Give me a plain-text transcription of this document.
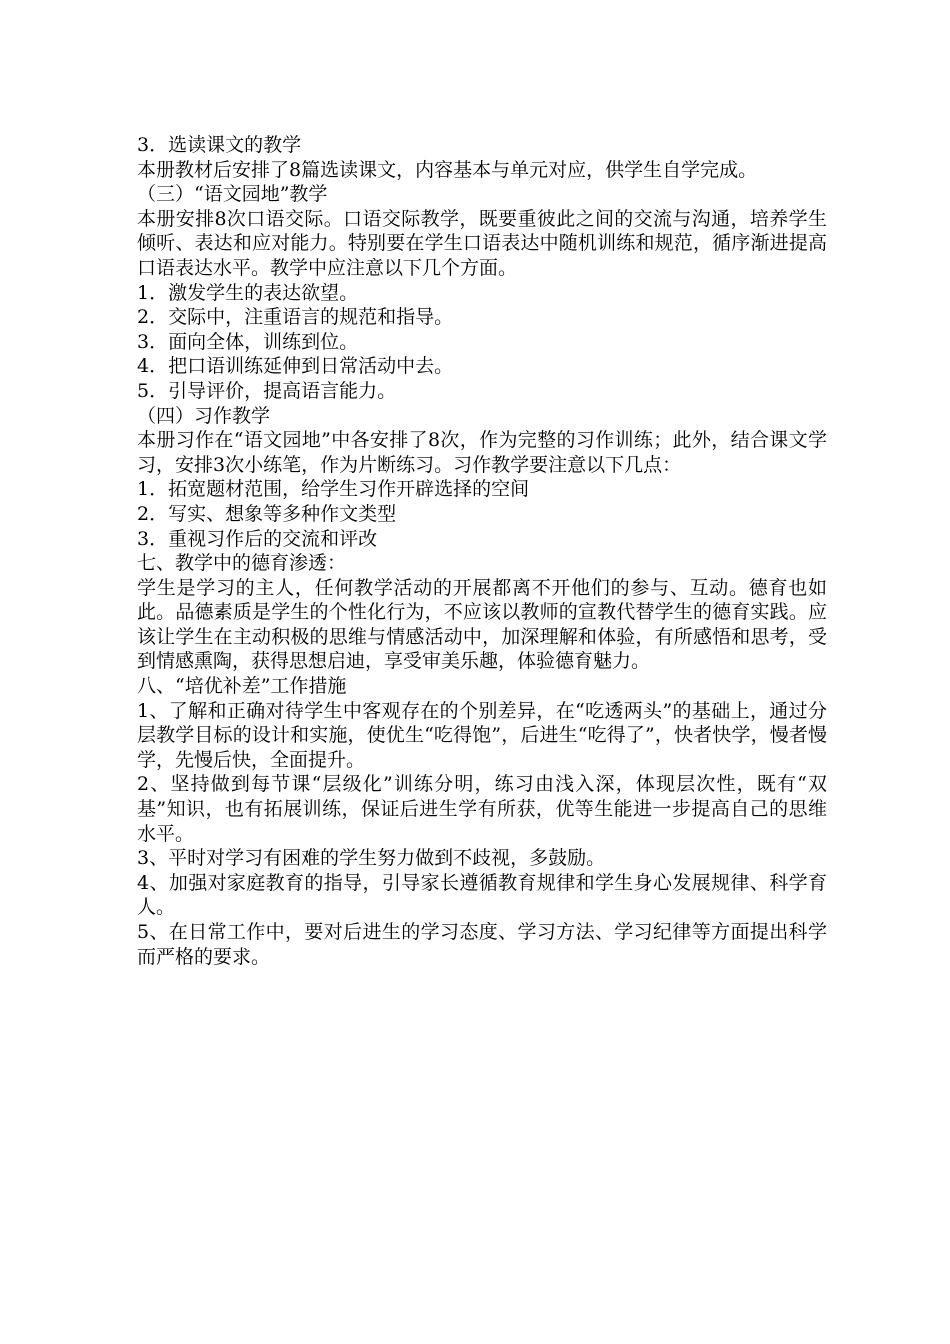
3．选读课文的教学

本册教材后安排了8篇选读课文，内容基本与单元对应，供学生自学完成。

（三）“语文园地”教学

本册安排8次口语交际。口语交际教学，既要重彼此之间的交流与沟通，培养学生倾听、表达和应对能力。特别要在学生口语表达中随机训练和规范，循序渐进提高口语表达水平。教学中应注意以下几个方面。

1．激发学生的表达欲望。

2．交际中，注重语言的规范和指导。

3．面向全体，训练到位。

4．把口语训练延伸到日常活动中去。

5．引导评价，提高语言能力。

（四）习作教学

本册习作在“语文园地”中各安排了8次，作为完整的习作训练；此外，结合课文学习，安排3次小练笔，作为片断练习。习作教学要注意以下几点：

1．拓宽题材范围，给学生习作开辟选择的空间

2．写实、想象等多种作文类型

3．重视习作后的交流和评改

七、教学中的德育渗透：

学生是学习的主人，任何教学活动的开展都离不开他们的参与、互动。德育也如此。品德素质是学生的个性化行为，不应该以教师的宣教代替学生的德育实践。应该让学生在主动积极的思维与情感活动中，加深理解和体验，有所感悟和思考，受到情感熏陶，获得思想启迪，享受审美乐趣，体验德育魅力。

八、“培优补差”工作措施

1、了解和正确对待学生中客观存在的个别差异，在“吃透两头”的基础上，通过分层教学目标的设计和实施，使优生“吃得饱”，后进生“吃得了”，快者快学，慢者慢学，先慢后快，全面提升。

2、坚持做到每节课“层级化”训练分明，练习由浅入深，体现层次性，既有“双基”知识，也有拓展训练，保证后进生学有所获，优等生能进一步提高自己的思维水平。

3、平时对学习有困难的学生努力做到不歧视，多鼓励。

4、加强对家庭教育的指导，引导家长遵循教育规律和学生身心发展规律、科学育人。

5、在日常工作中，要对后进生的学习态度、学习方法、学习纪律等方面提出科学而严格的要求。
